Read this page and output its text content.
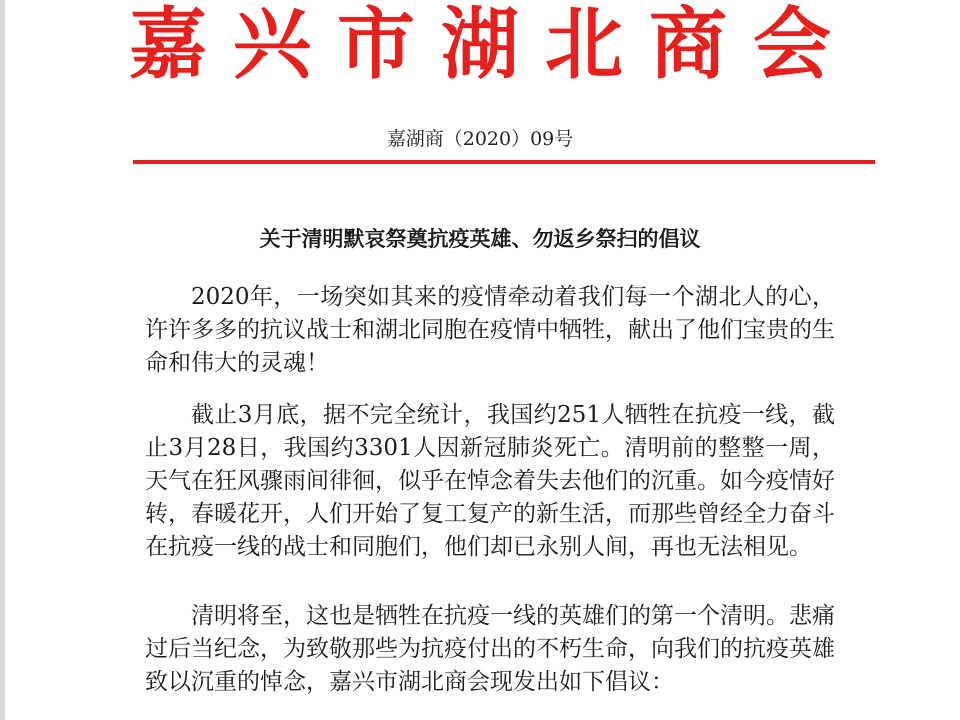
嘉兴市湖北商会
嘉湖商（2020）09号
关于清明默哀祭奠抗疫英雄、勿返乡祭扫的倡议

2020年，一场突如其来的疫情牵动着我们每一个湖北人的心，许许多多的抗议战士和湖北同胞在疫情中牺牲，献出了他们宝贵的生命和伟大的灵魂！

截止3月底，据不完全统计，我国约251人牺牲在抗疫一线，截止3月28日，我国约3301人因新冠肺炎死亡。清明前的整整一周，天气在狂风骤雨间徘徊，似乎在悼念着失去他们的沉重。如今疫情好转，春暖花开，人们开始了复工复产的新生活，而那些曾经全力奋斗在抗疫一线的战士和同胞们，他们却已永别人间，再也无法相见。

清明将至，这也是牺牲在抗疫一线的英雄们的第一个清明。悲痛过后当纪念，为致敬那些为抗疫付出的不朽生命，向我们的抗疫英雄致以沉重的悼念，嘉兴市湖北商会现发出如下倡议：
